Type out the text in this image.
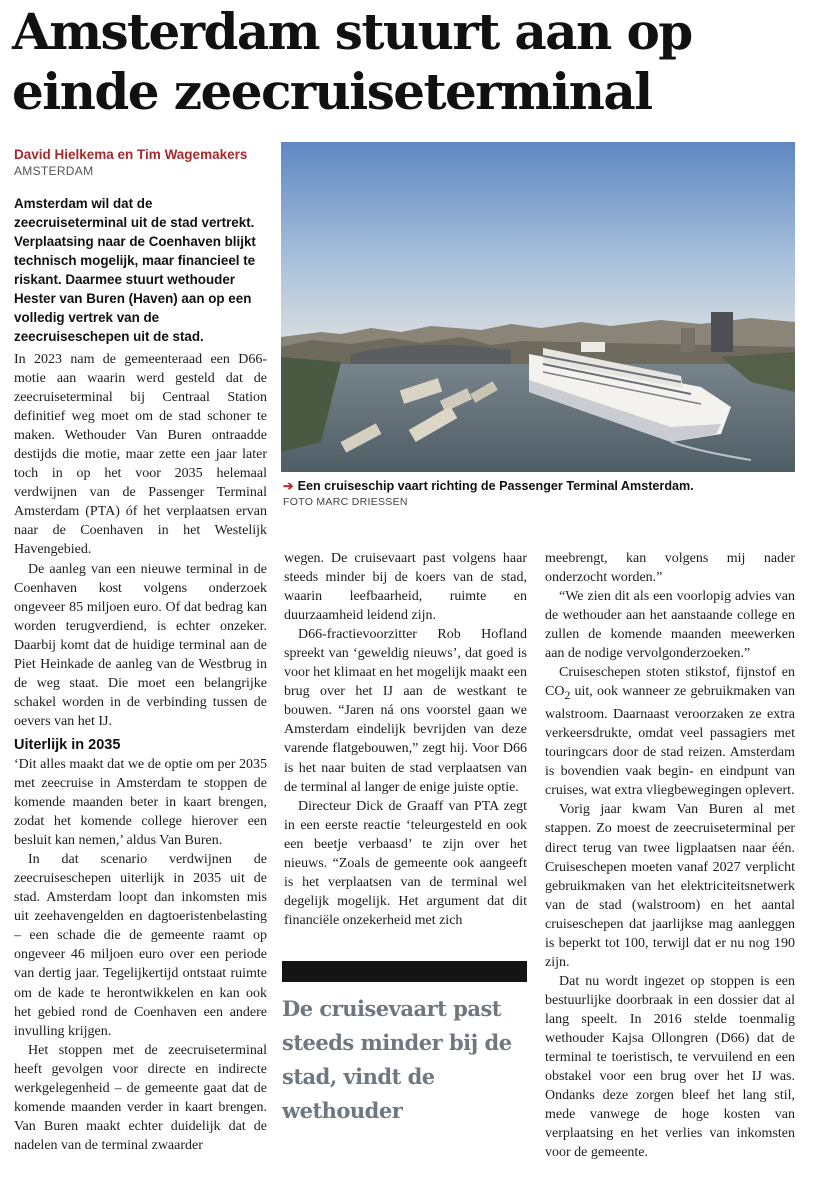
Amsterdam stuurt aan op einde zeecruiseterminal
David Hielkema en Tim Wagemakers
AMSTERDAM
Amsterdam wil dat de zeecruiseterminal uit de stad vertrekt. Verplaatsing naar de Coenhaven blijkt technisch mogelijk, maar financieel te riskant. Daarmee stuurt wethouder Hester van Buren (Haven) aan op een volledig vertrek van de zeecruiseschepen uit de stad.

In 2023 nam de gemeenteraad een D66-motie aan waarin werd gesteld dat de zeecruiseterminal bij Centraal Station definitief weg moet om de stad schoner te maken. Wethouder Van Buren ontraadde destijds die motie, maar zette een jaar later toch in op het voor 2035 helemaal verdwijnen van de Passenger Terminal Amsterdam (PTA) óf het verplaatsen ervan naar de Coenhaven in het Westelijk Havengebied.

De aanleg van een nieuwe terminal in de Coenhaven kost volgens onderzoek ongeveer 85 miljoen euro. Of dat bedrag kan worden terugverdiend, is echter onzeker. Daarbij komt dat de huidige terminal aan de Piet Heinkade de aanleg van de Westbrug in de weg staat. Die moet een belangrijke schakel worden in de verbinding tussen de oevers van het IJ.

Uiterlijk in 2035

‘Dit alles maakt dat we de optie om per 2035 met zeecruise in Amsterdam te stoppen de komende maanden beter in kaart brengen, zodat het komende college hierover een besluit kan nemen,’ aldus Van Buren.

In dat scenario verdwijnen de zeecruiseschepen uiterlijk in 2035 uit de stad. Amsterdam loopt dan inkomsten mis uit zeehavengelden en dagtoeristenbelasting – een schade die de gemeente raamt op ongeveer 46 miljoen euro over een periode van dertig jaar. Tegelijkertijd ontstaat ruimte om de kade te herontwikkelen en kan ook het gebied rond de Coenhaven een andere invulling krijgen.

Het stoppen met de zeecruiseterminal heeft gevolgen voor directe en indirecte werkgelegenheid – de gemeente gaat dat de komende maanden verder in kaart brengen. Van Buren maakt echter duidelijk dat de nadelen van de terminal zwaarder

➔ Een cruiseschip vaart richting de Passenger Terminal Amsterdam.
FOTO MARC DRIESSEN

wegen. De cruisevaart past volgens haar steeds minder bij de koers van de stad, waarin leefbaarheid, ruimte en duurzaamheid leidend zijn.

D66-fractievoorzitter Rob Hofland spreekt van ‘geweldig nieuws’, dat goed is voor het klimaat en het mogelijk maakt een brug over het IJ aan de westkant te bouwen. “Jaren ná ons voorstel gaan we Amsterdam eindelijk bevrijden van deze varende flatgebouwen,” zegt hij. Voor D66 is het naar buiten de stad verplaatsen van de terminal al langer de enige juiste optie.

Directeur Dick de Graaff van PTA zegt in een eerste reactie ‘teleurgesteld en ook een beetje verbaasd’ te zijn over het nieuws. “Zoals de gemeente ook aangeeft is het verplaatsen van de terminal wel degelijk mogelijk. Het argument dat dit financiële onzekerheid met zich

De cruisevaart past steeds minder bij de stad, vindt de wethouder

meebrengt, kan volgens mij nader onderzocht worden.”

“We zien dit als een voorlopig advies van de wethouder aan het aanstaande college en zullen de komende maanden meewerken aan de nodige vervolgonderzoeken.”

Cruiseschepen stoten stikstof, fijnstof en $CO_2$ uit, ook wanneer ze gebruikmaken van walstroom. Daarnaast veroorzaken ze extra verkeersdrukte, omdat veel passagiers met touringcars door de stad reizen. Amsterdam is bovendien vaak begin- en eindpunt van cruises, wat extra vliegbewegingen oplevert.

Vorig jaar kwam Van Buren al met stappen. Zo moest de zeecruiseterminal per direct terug van twee ligplaatsen naar één. Cruiseschepen moeten vanaf 2027 verplicht gebruikmaken van het elektriciteitsnetwerk van de stad (walstroom) en het aantal cruiseschepen dat jaarlijkse mag aanleggen is beperkt tot 100, terwijl dat er nu nog 190 zijn.

Dat nu wordt ingezet op stoppen is een bestuurlijke doorbraak in een dossier dat al lang speelt. In 2016 stelde toenmalig wethouder Kajsa Ollongren (D66) dat de terminal te toeristisch, te vervuilend en een obstakel voor een brug over het IJ was. Ondanks deze zorgen bleef het lang stil, mede vanwege de hoge kosten van verplaatsing en het verlies van inkomsten voor de gemeente.
